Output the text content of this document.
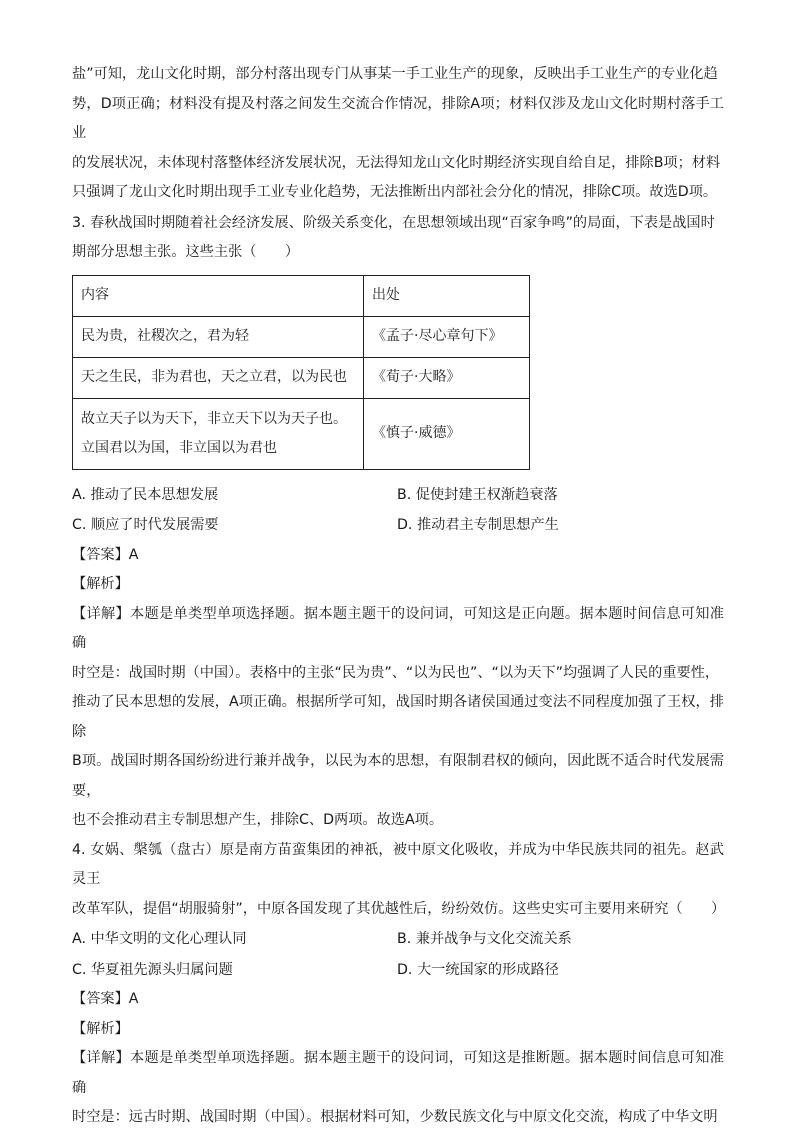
盐”可知，龙山文化时期，部分村落出现专门从事某一手工业生产的现象，反映出手工业生产的专业化趋

势，D项正确；材料没有提及村落之间发生交流合作情况，排除A项；材料仅涉及龙山文化时期村落手工业

的发展状况，未体现村落整体经济发展状况，无法得知龙山文化时期经济实现自给自足，排除B项；材料

只强调了龙山文化时期出现手工业专业化趋势，无法推断出内部社会分化的情况，排除C项。故选D项。

3. 春秋战国时期随着社会经济发展、阶级关系变化，在思想领域出现“百家争鸣”的局面，下表是战国时

期部分思想主张。这些主张（　　）

内容	出处
民为贵，社稷次之，君为轻	《孟子·尽心章句下》
天之生民，非为君也，天之立君，以为民也	《荀子·大略》

故立天子以为天下，非立天下以为天子也。
立国君以为国，非立国以为君也	《慎子·威德》
A. 推动了民本思想发展	B. 促使封建王权渐趋衰落
C. 顺应了时代发展需要	D. 推动君主专制思想产生

【答案】A

【解析】

【详解】本题是单类型单项选择题。据本题主题干的设问词，可知这是正向题。据本题时间信息可知准确

时空是：战国时期（中国）。表格中的主张“民为贵”、“以为民也”、“以为天下”均强调了人民的重要性，

推动了民本思想的发展，A项正确。根据所学可知，战国时期各诸侯国通过变法不同程度加强了王权，排除

B项。战国时期各国纷纷进行兼并战争，以民为本的思想，有限制君权的倾向，因此既不适合时代发展需要，

也不会推动君主专制思想产生，排除C、D两项。故选A项。

4. 女娲、槃瓠（盘古）原是南方苗蛮集团的神祇，被中原文化吸收，并成为中华民族共同的祖先。赵武灵王

改革军队，提倡“胡服骑射”，中原各国发现了其优越性后，纷纷效仿。这些史实可主要用来研究（　　）

A. 中华文明的文化心理认同	B. 兼并战争与文化交流关系
C. 华夏祖先源头归属问题	D. 大一统国家的形成路径

【答案】A

【解析】

【详解】本题是单类型单项选择题。据本题主题干的设问词，可知这是推断题。据本题时间信息可知准确

时空是：远古时期、战国时期（中国）。根据材料可知，少数民族文化与中原文化交流，构成了中华文明
